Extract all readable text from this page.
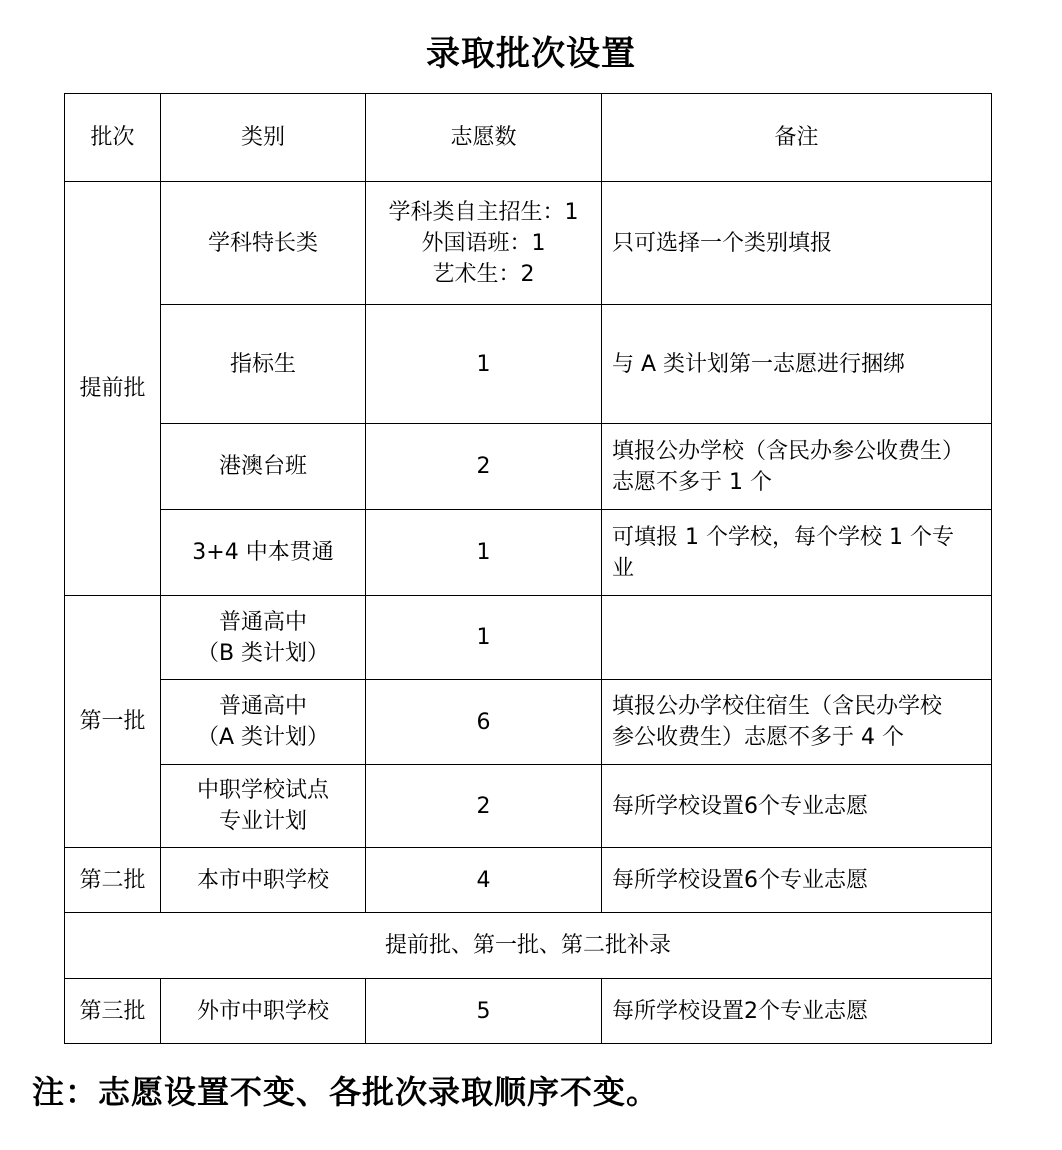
录取批次设置
批次	类别	志愿数	备注
提前批	学科特长类	学科类自主招生：1
外国语班：1
艺术生：2	只可选择一个类别填报

	指标生	1	与 A 类计划第一志愿进行捆绑

	港澳台班	2	填报公办学校（含民办参公收费生）
志愿不多于 1 个

	3+4 中本贯通	1	可填报 1 个学校，每个学校 1 个专
业

第一批	普通高中
（B 类计划）	1	

	普通高中
（A 类计划）	6	填报公办学校住宿生（含民办学校
参公收费生）志愿不多于 4 个

	中职学校试点
专业计划	2	每所学校设置6个专业志愿

第二批	本市中职学校	4	每所学校设置6个专业志愿

提前批、第一批、第二批补录			
第三批	外市中职学校	5	每所学校设置2个专业志愿
注：志愿设置不变、各批次录取顺序不变。
